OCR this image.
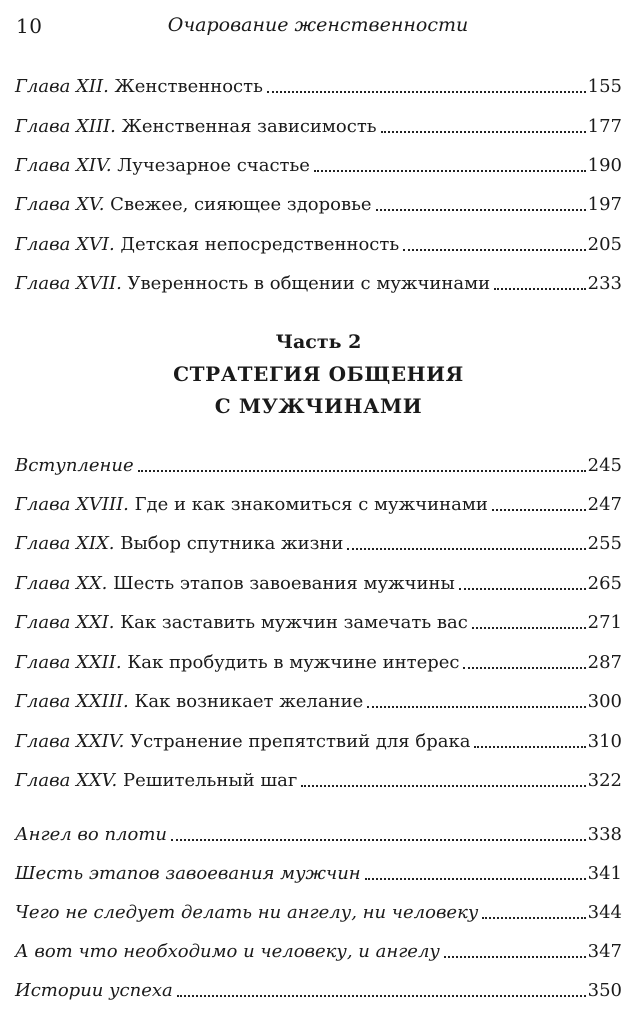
10	Очарование женственности
Глава XII. Женственность	155
Глава XIII. Женственная зависимость	177
Глава XIV. Лучезарное счастье	190
Глава XV. Свежее, сияющее здоровье	197
Глава XVI. Детская непосредственность	205
Глава XVII. Уверенность в общении с мужчинами	233
Часть 2
СТРАТЕГИЯ ОБЩЕНИЯ
С МУЖЧИНАМИ
Вступление	245
Глава XVIII. Где и как знакомиться с мужчинами	247
Глава XIX. Выбор спутника жизни	255
Глава XX. Шесть этапов завоевания мужчины	265
Глава XXI. Как заставить мужчин замечать вас	271
Глава XXII. Как пробудить в мужчине интерес	287
Глава XXIII. Как возникает желание	300
Глава XXIV. Устранение препятствий для брака	310
Глава XXV. Решительный шаг	322
Ангел во плоти	338
Шесть этапов завоевания мужчин	341
Чего не следует делать ни ангелу, ни человеку	344
А вот что необходимо и человеку, и ангелу	347
Истории успеха	350
